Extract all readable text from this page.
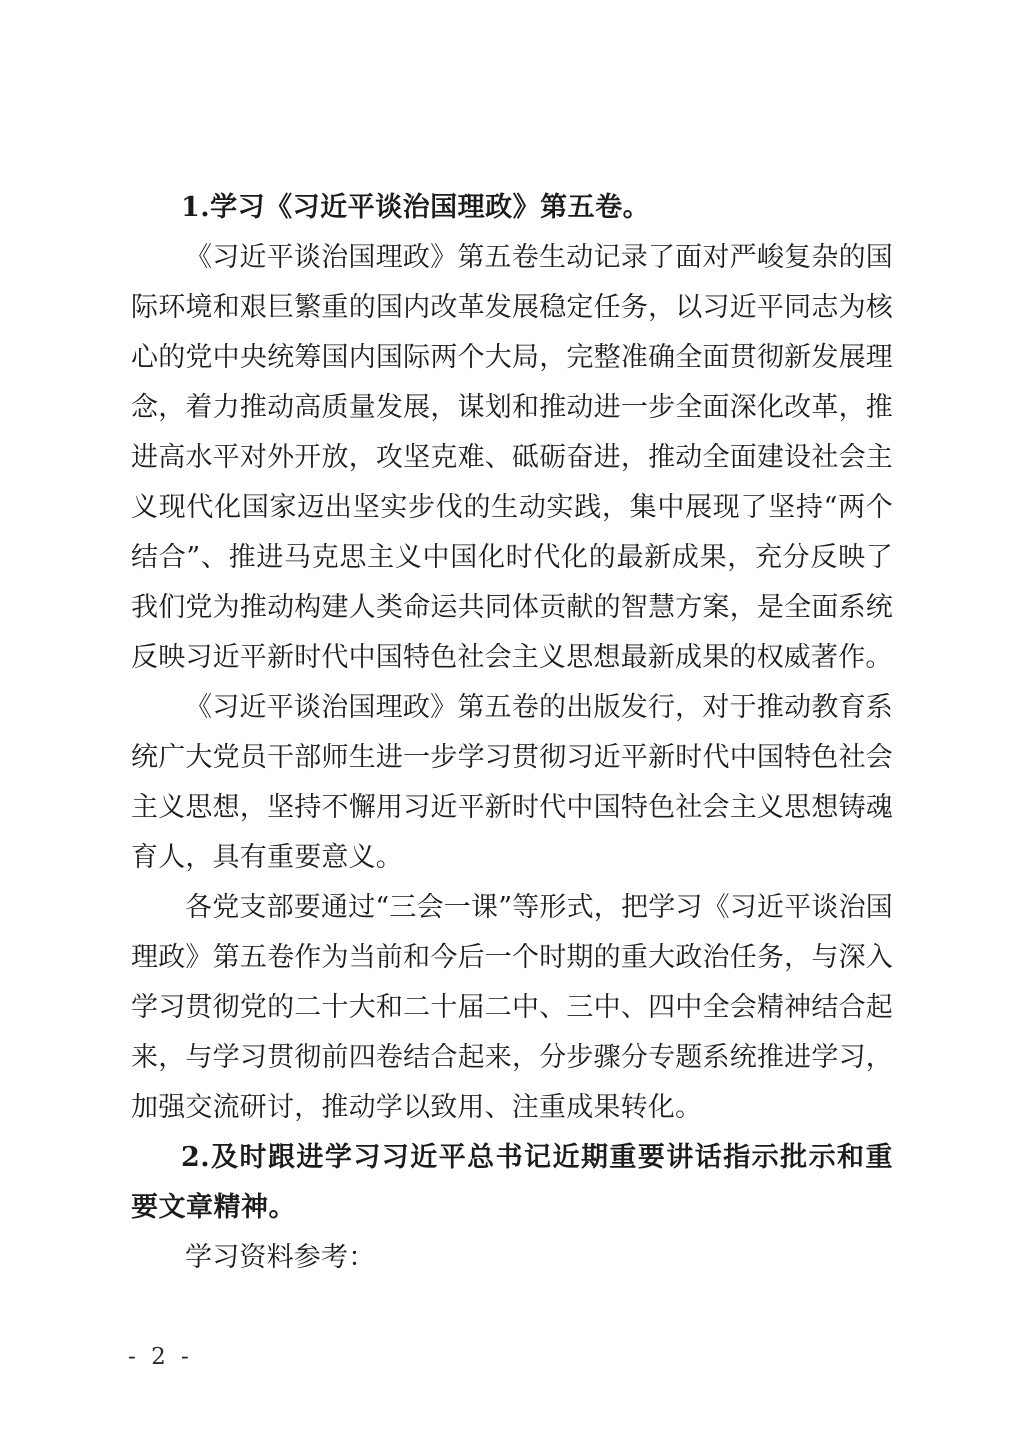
1.学习《习近平谈治国理政》第五卷。

《习近平谈治国理政》第五卷生动记录了面对严峻复杂的国际环境和艰巨繁重的国内改革发展稳定任务，以习近平同志为核心的党中央统筹国内国际两个大局，完整准确全面贯彻新发展理念，着力推动高质量发展，谋划和推动进一步全面深化改革，推进高水平对外开放，攻坚克难、砥砺奋进，推动全面建设社会主义现代化国家迈出坚实步伐的生动实践，集中展现了坚持“两个结合”、推进马克思主义中国化时代化的最新成果，充分反映了我们党为推动构建人类命运共同体贡献的智慧方案，是全面系统反映习近平新时代中国特色社会主义思想最新成果的权威著作。

《习近平谈治国理政》第五卷的出版发行，对于推动教育系统广大党员干部师生进一步学习贯彻习近平新时代中国特色社会主义思想，坚持不懈用习近平新时代中国特色社会主义思想铸魂育人，具有重要意义。

各党支部要通过“三会一课”等形式，把学习《习近平谈治国理政》第五卷作为当前和今后一个时期的重大政治任务，与深入学习贯彻党的二十大和二十届二中、三中、四中全会精神结合起来，与学习贯彻前四卷结合起来，分步骤分专题系统推进学习，加强交流研讨，推动学以致用、注重成果转化。

2.及时跟进学习习近平总书记近期重要讲话指示批示和重要文章精神。

学习资料参考：

- 2 -
